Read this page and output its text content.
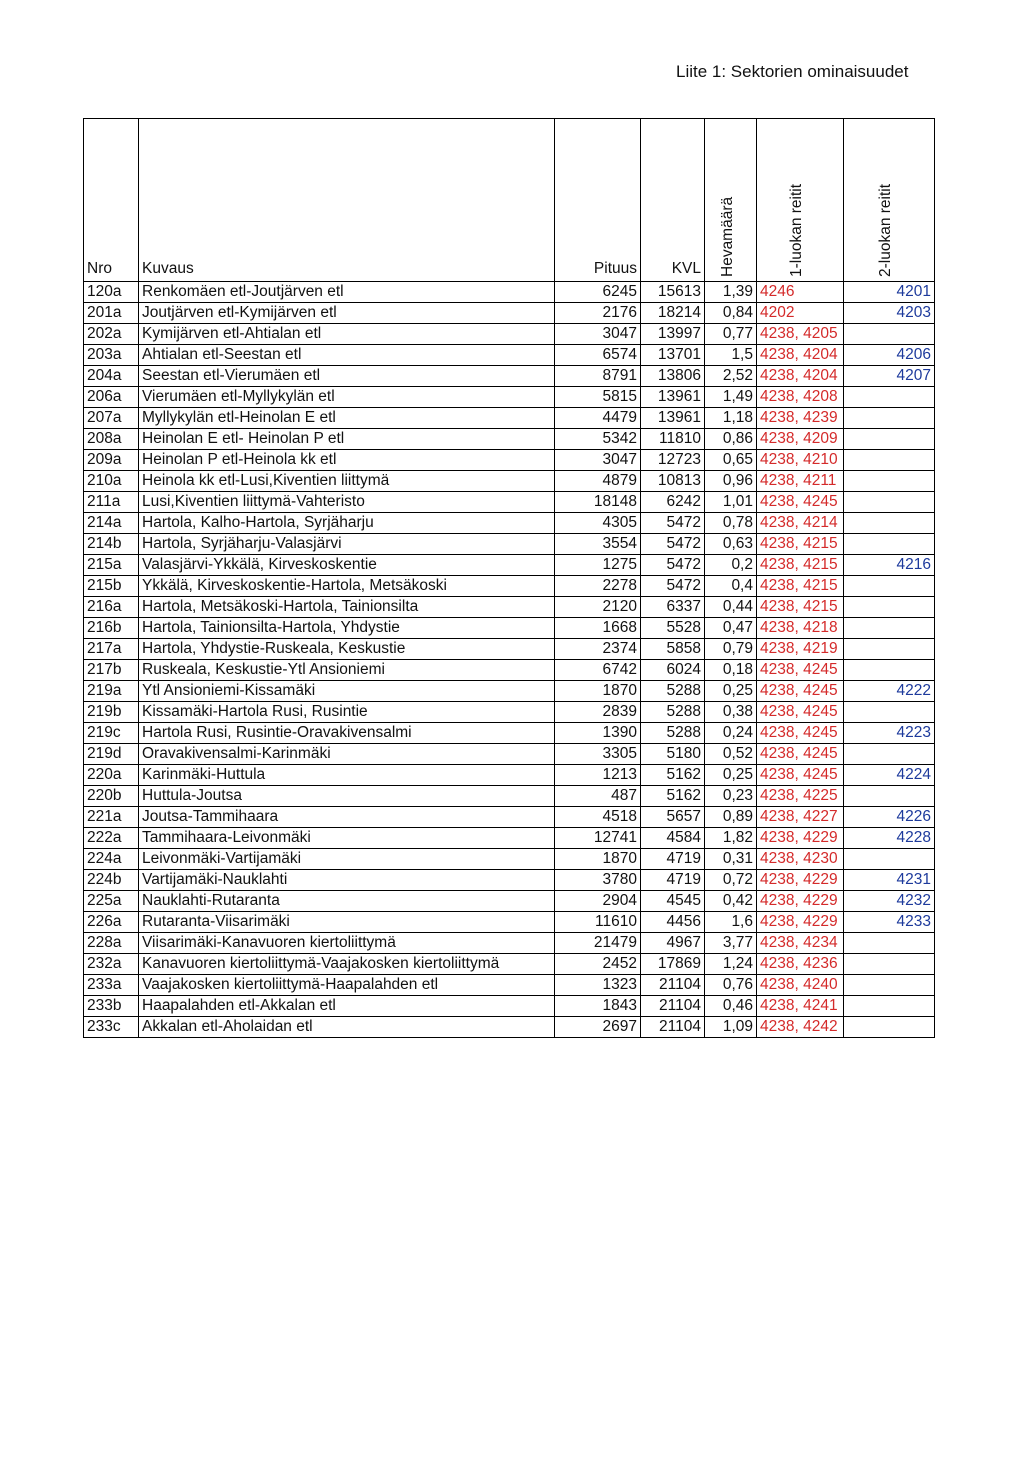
Liite 1: Sektorien ominaisuudet
Nro	Kuvaus	Pituus	KVL	Hevamäärä	1-luokan reitit	2-luokan reitit

120a	Renkomäen etl-Joutjärven etl	6245	15613	1,39	4246	4201
201a	Joutjärven etl-Kymijärven etl	2176	18214	0,84	4202	4203
202a	Kymijärven etl-Ahtialan etl	3047	13997	0,77	4238, 4205	
203a	Ahtialan etl-Seestan etl	6574	13701	1,5	4238, 4204	4206
204a	Seestan etl-Vierumäen etl	8791	13806	2,52	4238, 4204	4207
206a	Vierumäen etl-Myllykylän etl	5815	13961	1,49	4238, 4208	
207a	Myllykylän etl-Heinolan E etl	4479	13961	1,18	4238, 4239	
208a	Heinolan E etl- Heinolan P etl	5342	11810	0,86	4238, 4209	
209a	Heinolan P etl-Heinola kk etl	3047	12723	0,65	4238, 4210	
210a	Heinola kk etl-Lusi,Kiventien liittymä	4879	10813	0,96	4238, 4211	
211a	Lusi,Kiventien liittymä-Vahteristo	18148	6242	1,01	4238, 4245	
214a	Hartola, Kalho-Hartola, Syrjäharju	4305	5472	0,78	4238, 4214	
214b	Hartola, Syrjäharju-Valasjärvi	3554	5472	0,63	4238, 4215	
215a	Valasjärvi-Ykkälä, Kirveskoskentie	1275	5472	0,2	4238, 4215	4216
215b	Ykkälä, Kirveskoskentie-Hartola, Metsäkoski	2278	5472	0,4	4238, 4215	
216a	Hartola, Metsäkoski-Hartola, Tainionsilta	2120	6337	0,44	4238, 4215	
216b	Hartola, Tainionsilta-Hartola, Yhdystie	1668	5528	0,47	4238, 4218	
217a	Hartola, Yhdystie-Ruskeala, Keskustie	2374	5858	0,79	4238, 4219	
217b	Ruskeala, Keskustie-Ytl Ansioniemi	6742	6024	0,18	4238, 4245	
219a	Ytl Ansioniemi-Kissamäki	1870	5288	0,25	4238, 4245	4222
219b	Kissamäki-Hartola Rusi, Rusintie	2839	5288	0,38	4238, 4245	
219c	Hartola Rusi, Rusintie-Oravakivensalmi	1390	5288	0,24	4238, 4245	4223
219d	Oravakivensalmi-Karinmäki	3305	5180	0,52	4238, 4245	
220a	Karinmäki-Huttula	1213	5162	0,25	4238, 4245	4224
220b	Huttula-Joutsa	487	5162	0,23	4238, 4225	
221a	Joutsa-Tammihaara	4518	5657	0,89	4238, 4227	4226
222a	Tammihaara-Leivonmäki	12741	4584	1,82	4238, 4229	4228
224a	Leivonmäki-Vartijamäki	1870	4719	0,31	4238, 4230	
224b	Vartijamäki-Nauklahti	3780	4719	0,72	4238, 4229	4231
225a	Nauklahti-Rutaranta	2904	4545	0,42	4238, 4229	4232
226a	Rutaranta-Viisarimäki	11610	4456	1,6	4238, 4229	4233
228a	Viisarimäki-Kanavuoren kiertoliittymä	21479	4967	3,77	4238, 4234	
232a	Kanavuoren kiertoliittymä-Vaajakosken kiertoliittymä	2452	17869	1,24	4238, 4236	
233a	Vaajakosken kiertoliittymä-Haapalahden etl	1323	21104	0,76	4238, 4240	
233b	Haapalahden etl-Akkalan etl	1843	21104	0,46	4238, 4241	
233c	Akkalan etl-Aholaidan etl	2697	21104	1,09	4238, 4242	
